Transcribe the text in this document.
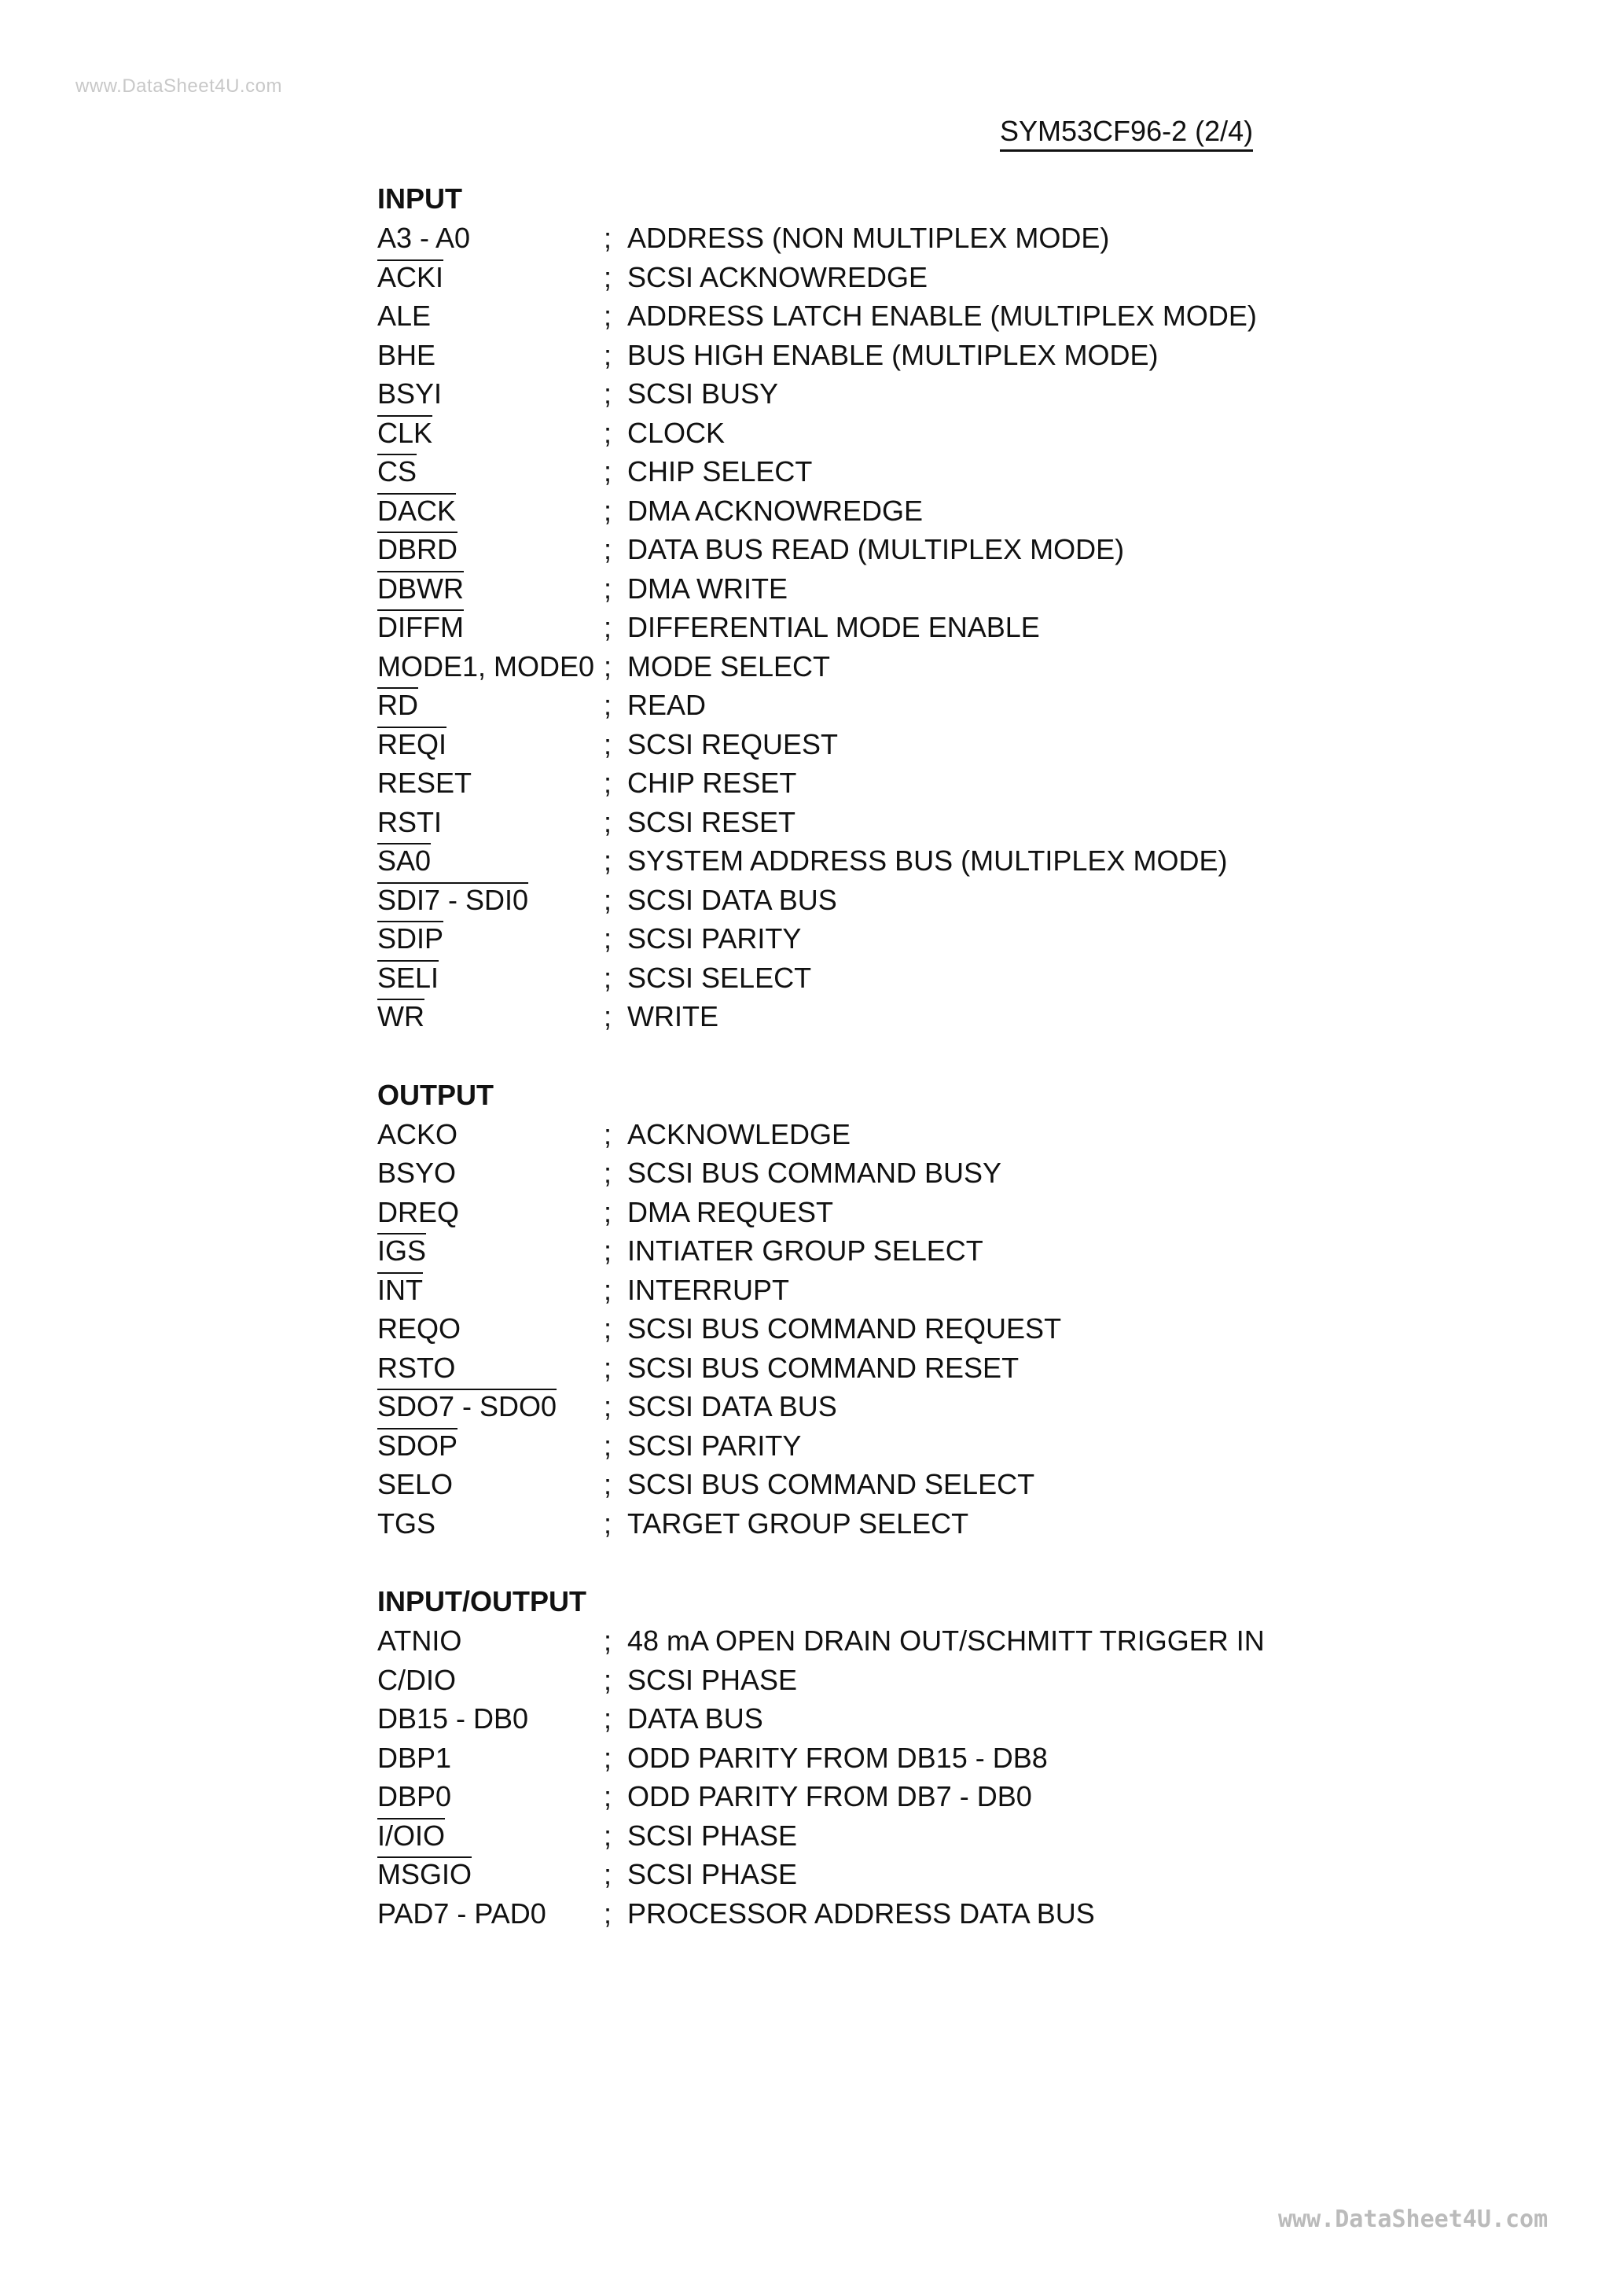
www.DataSheet4U.com
SYM53CF96-2 (2/4)
INPUT
A3 - A0	; ADDRESS (NON MULTIPLEX MODE)
ACKI	; SCSI ACKNOWREDGE
ALE	; ADDRESS LATCH ENABLE (MULTIPLEX MODE)
BHE	; BUS HIGH ENABLE (MULTIPLEX MODE)
BSYI	; SCSI BUSY
$\overline{CLK}$	; CLOCK
$\overline{CS}$	; CHIP SELECT
DACK	; DMA ACKNOWREDGE
DBRD	; DATA BUS READ (MULTIPLEX MODE)
DBWR	; DMA WRITE
DIFFM	; DIFFERENTIAL MODE ENABLE
MODE1, MODE0 ; MODE SELECT
$\overline{RD}$	; READ
REQI	; SCSI REQUEST
RESET	; CHIP RESET
RSTI	; SCSI RESET
SA0	; SYSTEM ADDRESS BUS (MULTIPLEX MODE)
SDI7 - SDI0	; SCSI DATA BUS
SDIP	; SCSI PARITY
SELI	; SCSI SELECT
$\overline{WR}$	; WRITE
OUTPUT
ACKO	; ACKNOWLEDGE
BSYO	; SCSI BUS COMMAND BUSY
DREQ	; DMA REQUEST
$\overline{IGS}$	; INTIATER GROUP SELECT
$\overline{INT}$	; INTERRUPT
REQO	; SCSI BUS COMMAND REQUEST
RSTO	; SCSI BUS COMMAND RESET
SDO7 - SDO0	; SCSI DATA BUS
SDOP	; SCSI PARITY
SELO	; SCSI BUS COMMAND SELECT
TGS	; TARGET GROUP SELECT
INPUT/OUTPUT
ATNIO	; 48 mA OPEN DRAIN OUT/SCHMITT TRIGGER IN
C/DIO	; SCSI PHASE
DB15 - DB0	; DATA BUS
DBP1	; ODD PARITY FROM DB15 - DB8
DBP0	; ODD PARITY FROM DB7 - DB0
I/OIO	; SCSI PHASE
MSGIO	; SCSI PHASE
PAD7 - PAD0	; PROCESSOR ADDRESS DATA BUS
www.DataSheet4U.com
